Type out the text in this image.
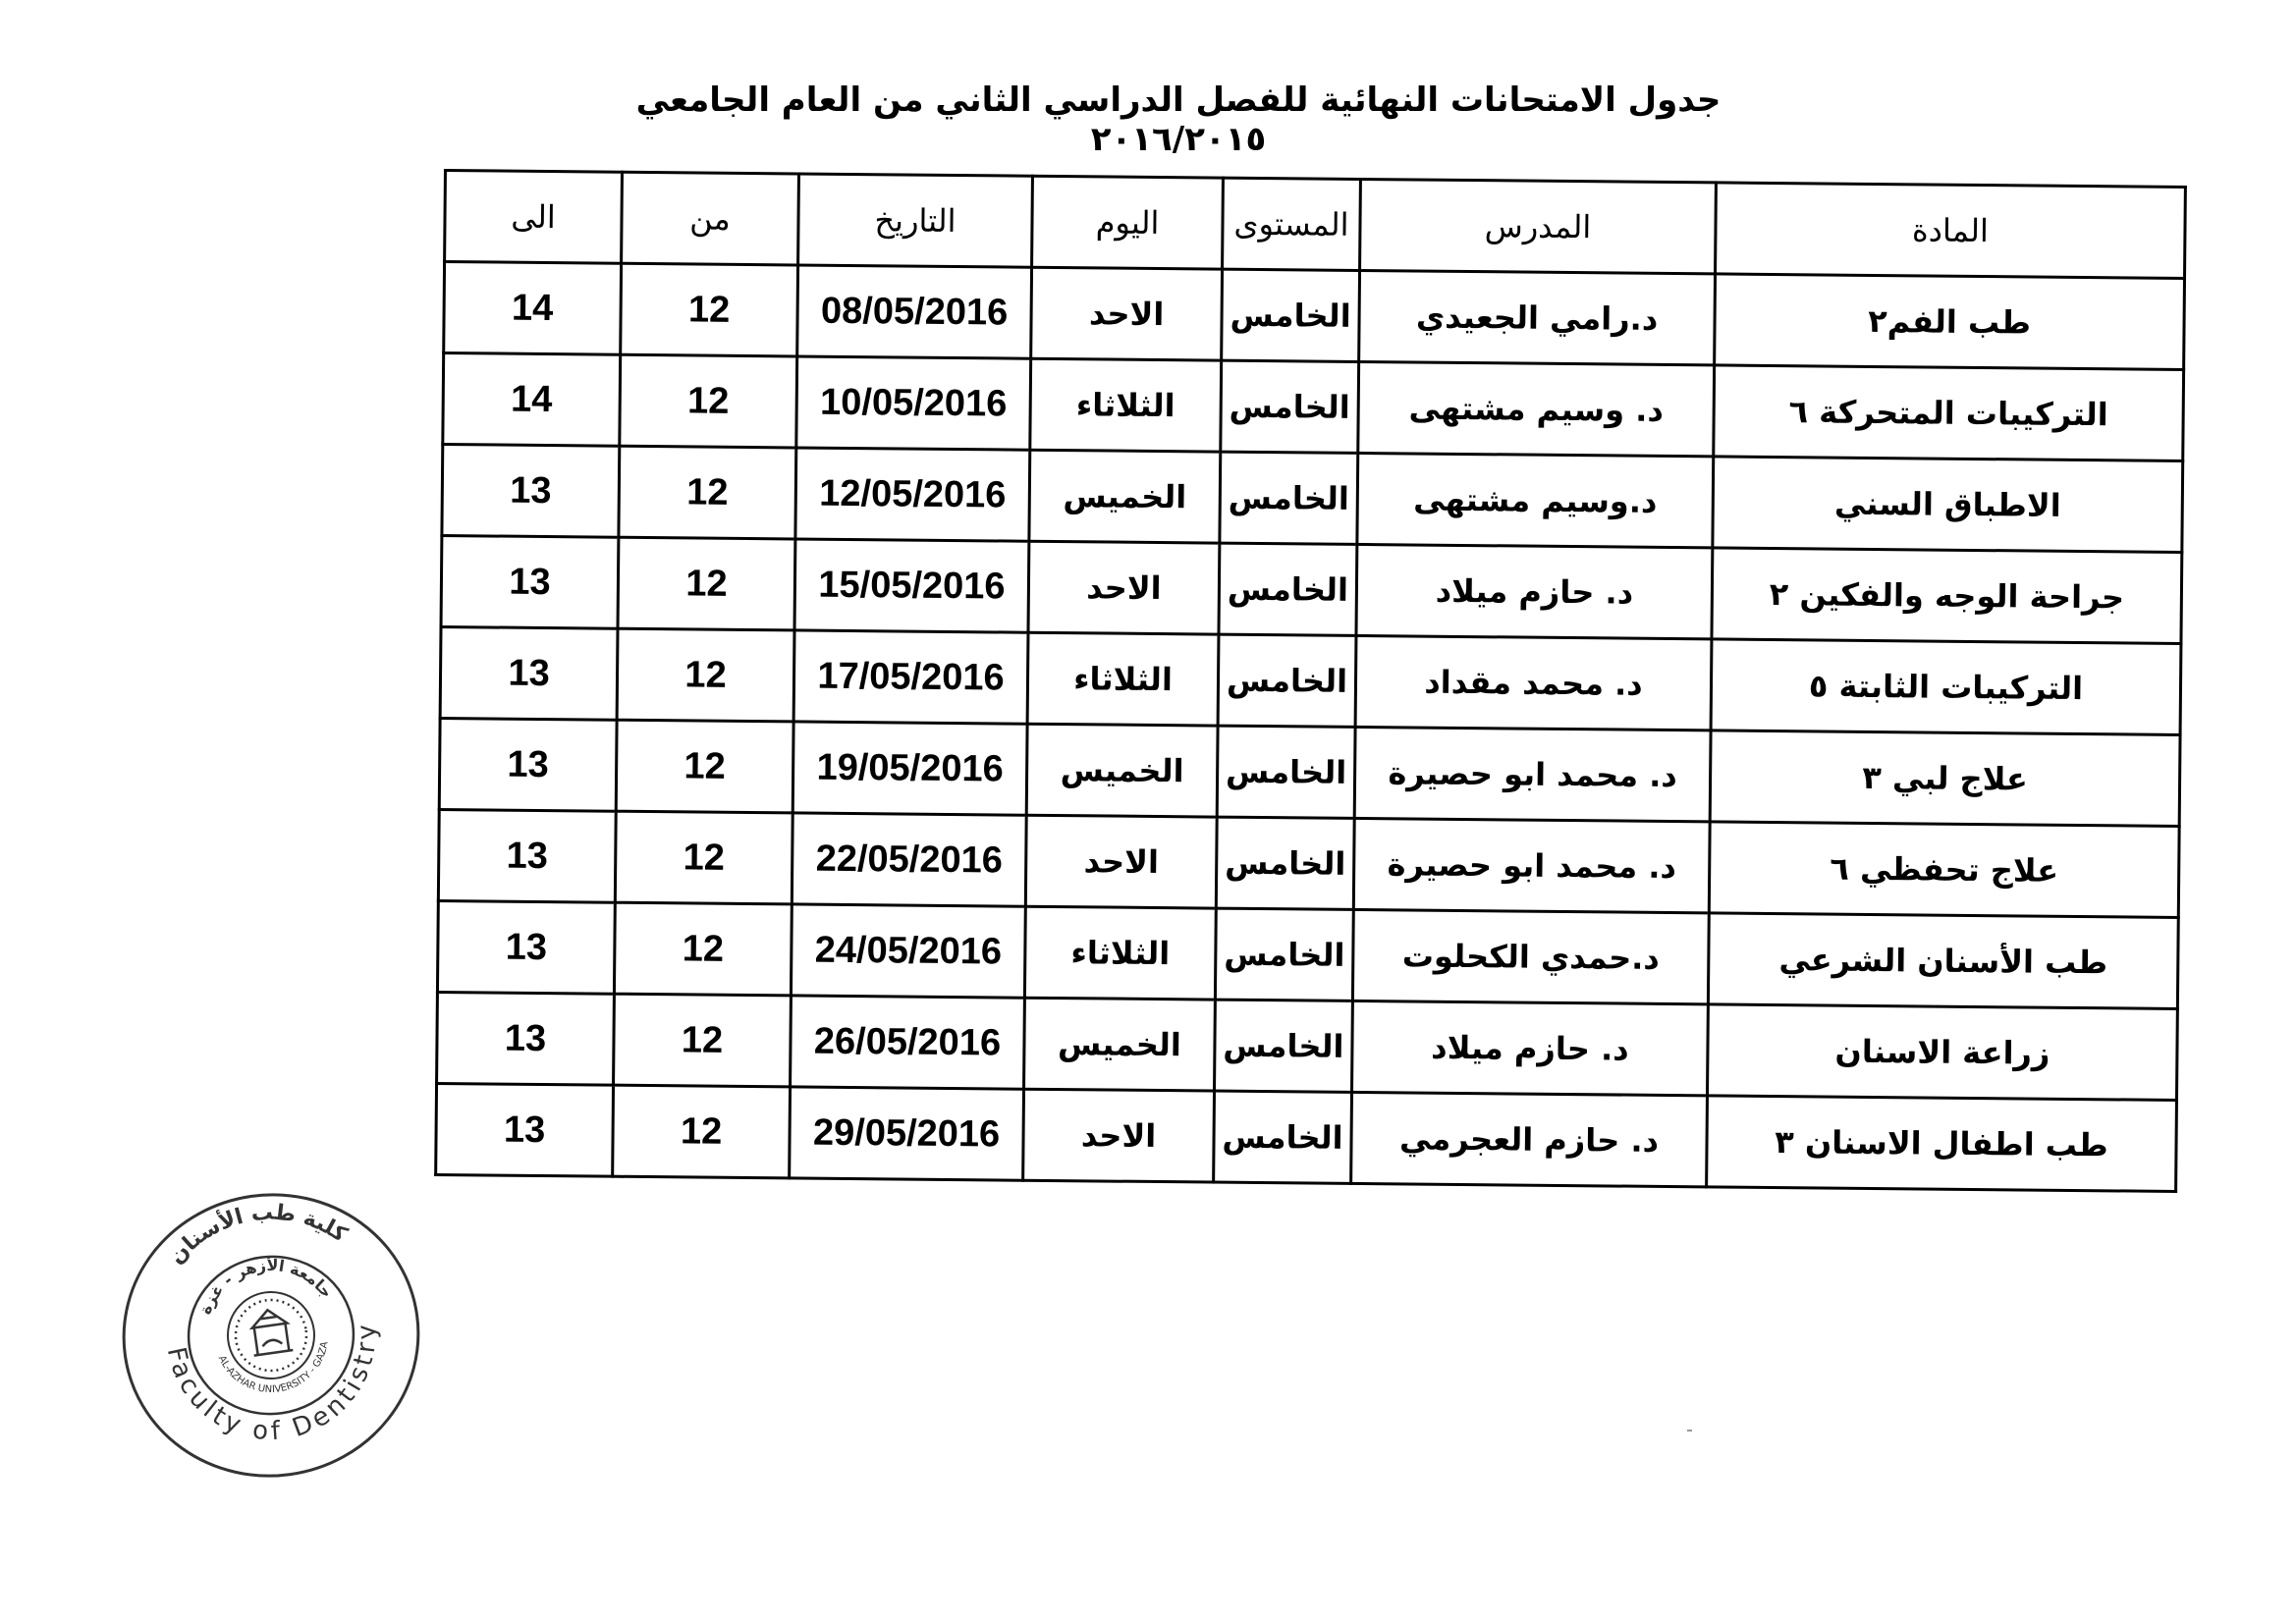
جدول الامتحانات النهائية للفصل الدراسي الثاني من العام الجامعي ٢٠١٦/٢٠١٥
المادة	المدرس	المستوى	اليوم	التاريخ	من	الى
طب الفم٢	د.رامي الجعيدي	الخامس	الاحد	08/05/2016	12	14
التركيبات المتحركة ٦	د. وسيم مشتهى	الخامس	الثلاثاء	10/05/2016	12	14
الاطباق السني	د.وسيم مشتهى	الخامس	الخميس	12/05/2016	12	13
جراحة الوجه والفكين ٢	د. حازم ميلاد	الخامس	الاحد	15/05/2016	12	13
التركيبات الثابتة ٥	د. محمد مقداد	الخامس	الثلاثاء	17/05/2016	12	13
علاج لبي ٣	د. محمد ابو حصيرة	الخامس	الخميس	19/05/2016	12	13
علاج تحفظي ٦	د. محمد ابو حصيرة	الخامس	الاحد	22/05/2016	12	13
طب الأسنان الشرعي	د.حمدي الكحلوت	الخامس	الثلاثاء	24/05/2016	12	13
زراعة الاسنان	د. حازم ميلاد	الخامس	الخميس	26/05/2016	12	13
طب اطفال الاسنان ٣	د. حازم العجرمي	الخامس	الاحد	29/05/2016	12	13
كلية طب الأسنان
Faculty of Dentistry
جامعة الأزهر - غزة
AL-AZHAR UNIVERSITY - GAZA
